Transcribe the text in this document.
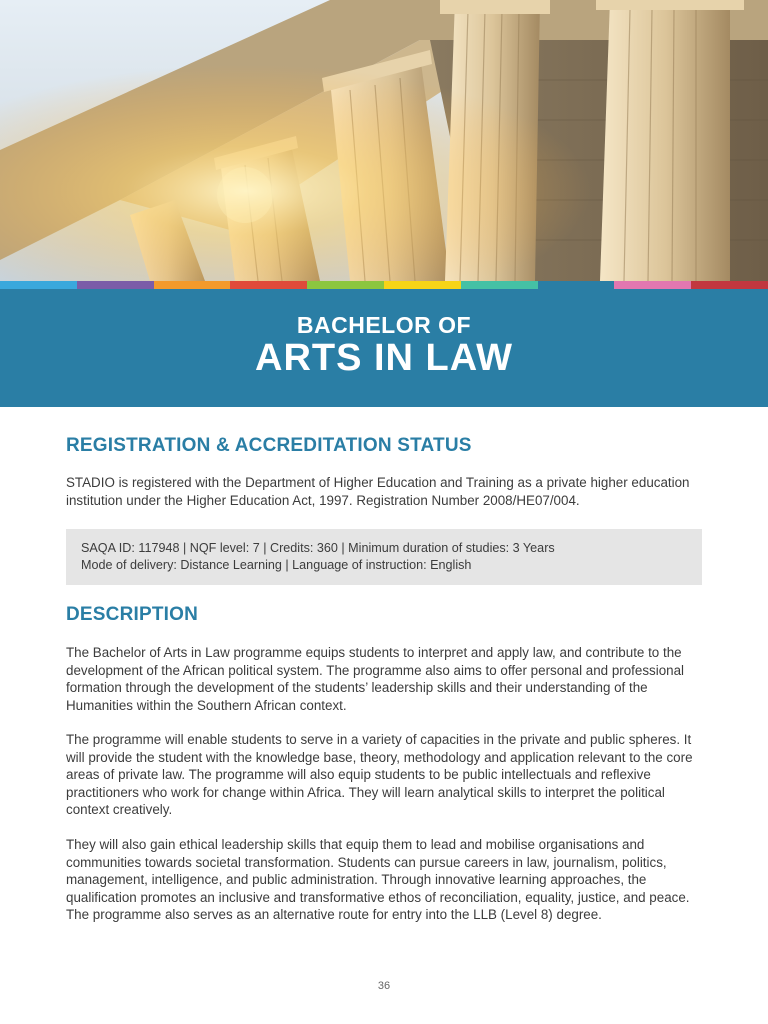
BACHELOR OF
ARTS IN LAW
REGISTRATION & ACCREDITATION STATUS
STADIO is registered with the Department of Higher Education and Training as a private higher education institution under the Higher Education Act, 1997. Registration Number 2008/HE07/004.
SAQA ID: 117948 | NQF level: 7 | Credits: 360 | Minimum duration of studies: 3 Years
Mode of delivery: Distance Learning | Language of instruction: English
DESCRIPTION
The Bachelor of Arts in Law programme equips students to interpret and apply law, and contribute to the development of the African political system. The programme also aims to offer personal and professional formation through the development of the students’ leadership skills and their understanding of the Humanities within the Southern African context.
The programme will enable students to serve in a variety of capacities in the private and public spheres. It will provide the student with the knowledge base, theory, methodology and application relevant to the core areas of private law. The programme will also equip students to be public intellectuals and reflexive practitioners who work for change within Africa. They will learn analytical skills to interpret the political context creatively.
They will also gain ethical leadership skills that equip them to lead and mobilise organisations and communities towards societal transformation. Students can pursue careers in law, journalism, politics, management, intelligence, and public administration. Through innovative learning approaches, the qualification promotes an inclusive and transformative ethos of reconciliation, equality, justice, and peace. The programme also serves as an alternative route for entry into the LLB (Level 8) degree.
36
